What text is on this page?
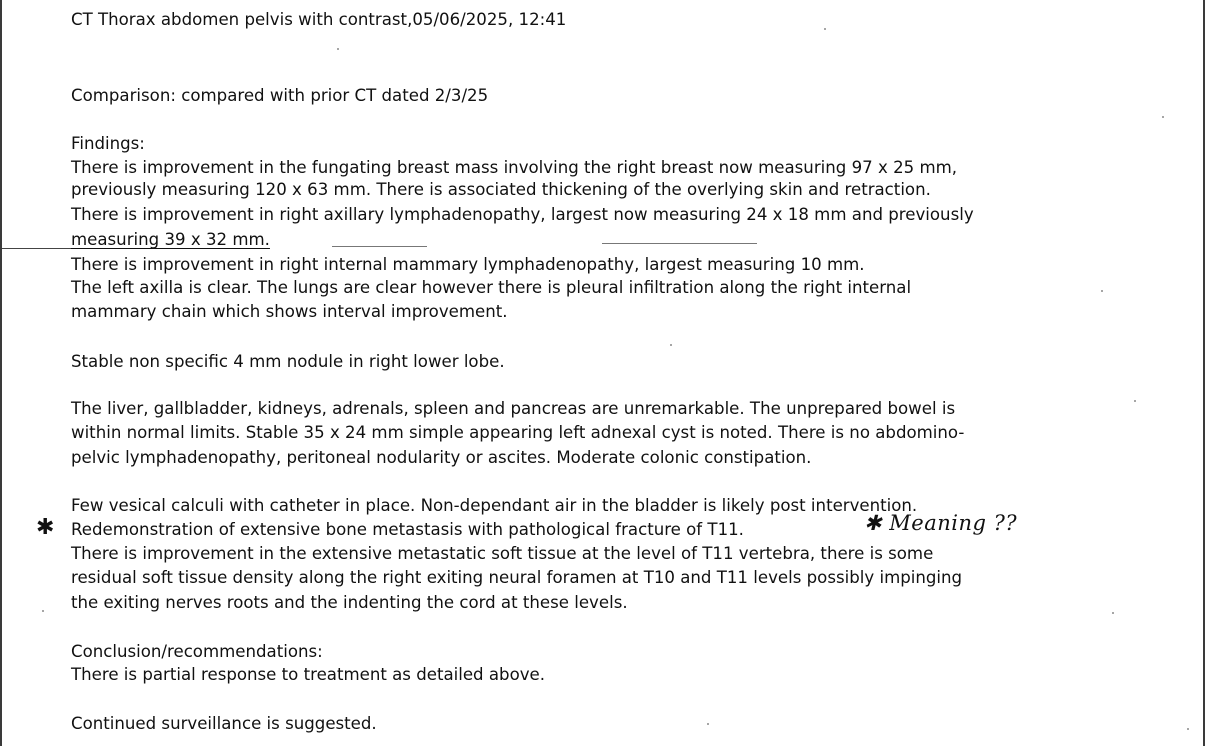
CT Thorax abdomen pelvis with contrast,05/06/2025, 12:41
Comparison: compared with prior CT dated 2/3/25
Findings:
There is improvement in the fungating breast mass involving the right breast now measuring 97 x 25 mm,
previously measuring 120 x 63 mm. There is associated thickening of the overlying skin and retraction.
There is improvement in right axillary lymphadenopathy, largest now measuring 24 x 18 mm and previously
measuring 39 x 32 mm.
There is improvement in right internal mammary lymphadenopathy, largest measuring 10 mm.
The left axilla is clear. The lungs are clear however there is pleural infiltration along the right internal
mammary chain which shows interval improvement.
Stable non specific 4 mm nodule in right lower lobe.
The liver, gallbladder, kidneys, adrenals, spleen and pancreas are unremarkable. The unprepared bowel is
within normal limits. Stable 35 x 24 mm simple appearing left adnexal cyst is noted. There is no abdomino-
pelvic lymphadenopathy, peritoneal nodularity or ascites. Moderate colonic constipation.
Few vesical calculi with catheter in place. Non-dependant air in the bladder is likely post intervention.
Redemonstration of extensive bone metastasis with pathological fracture of T11.
There is improvement in the extensive metastatic soft tissue at the level of T11 vertebra, there is some
residual soft tissue density along the right exiting neural foramen at T10 and T11 levels possibly impinging
the exiting nerves roots and the indenting the cord at these levels.
Conclusion/recommendations:
There is partial response to treatment as detailed above.
Continued surveillance is suggested.
✱	✱ Meaning ??
